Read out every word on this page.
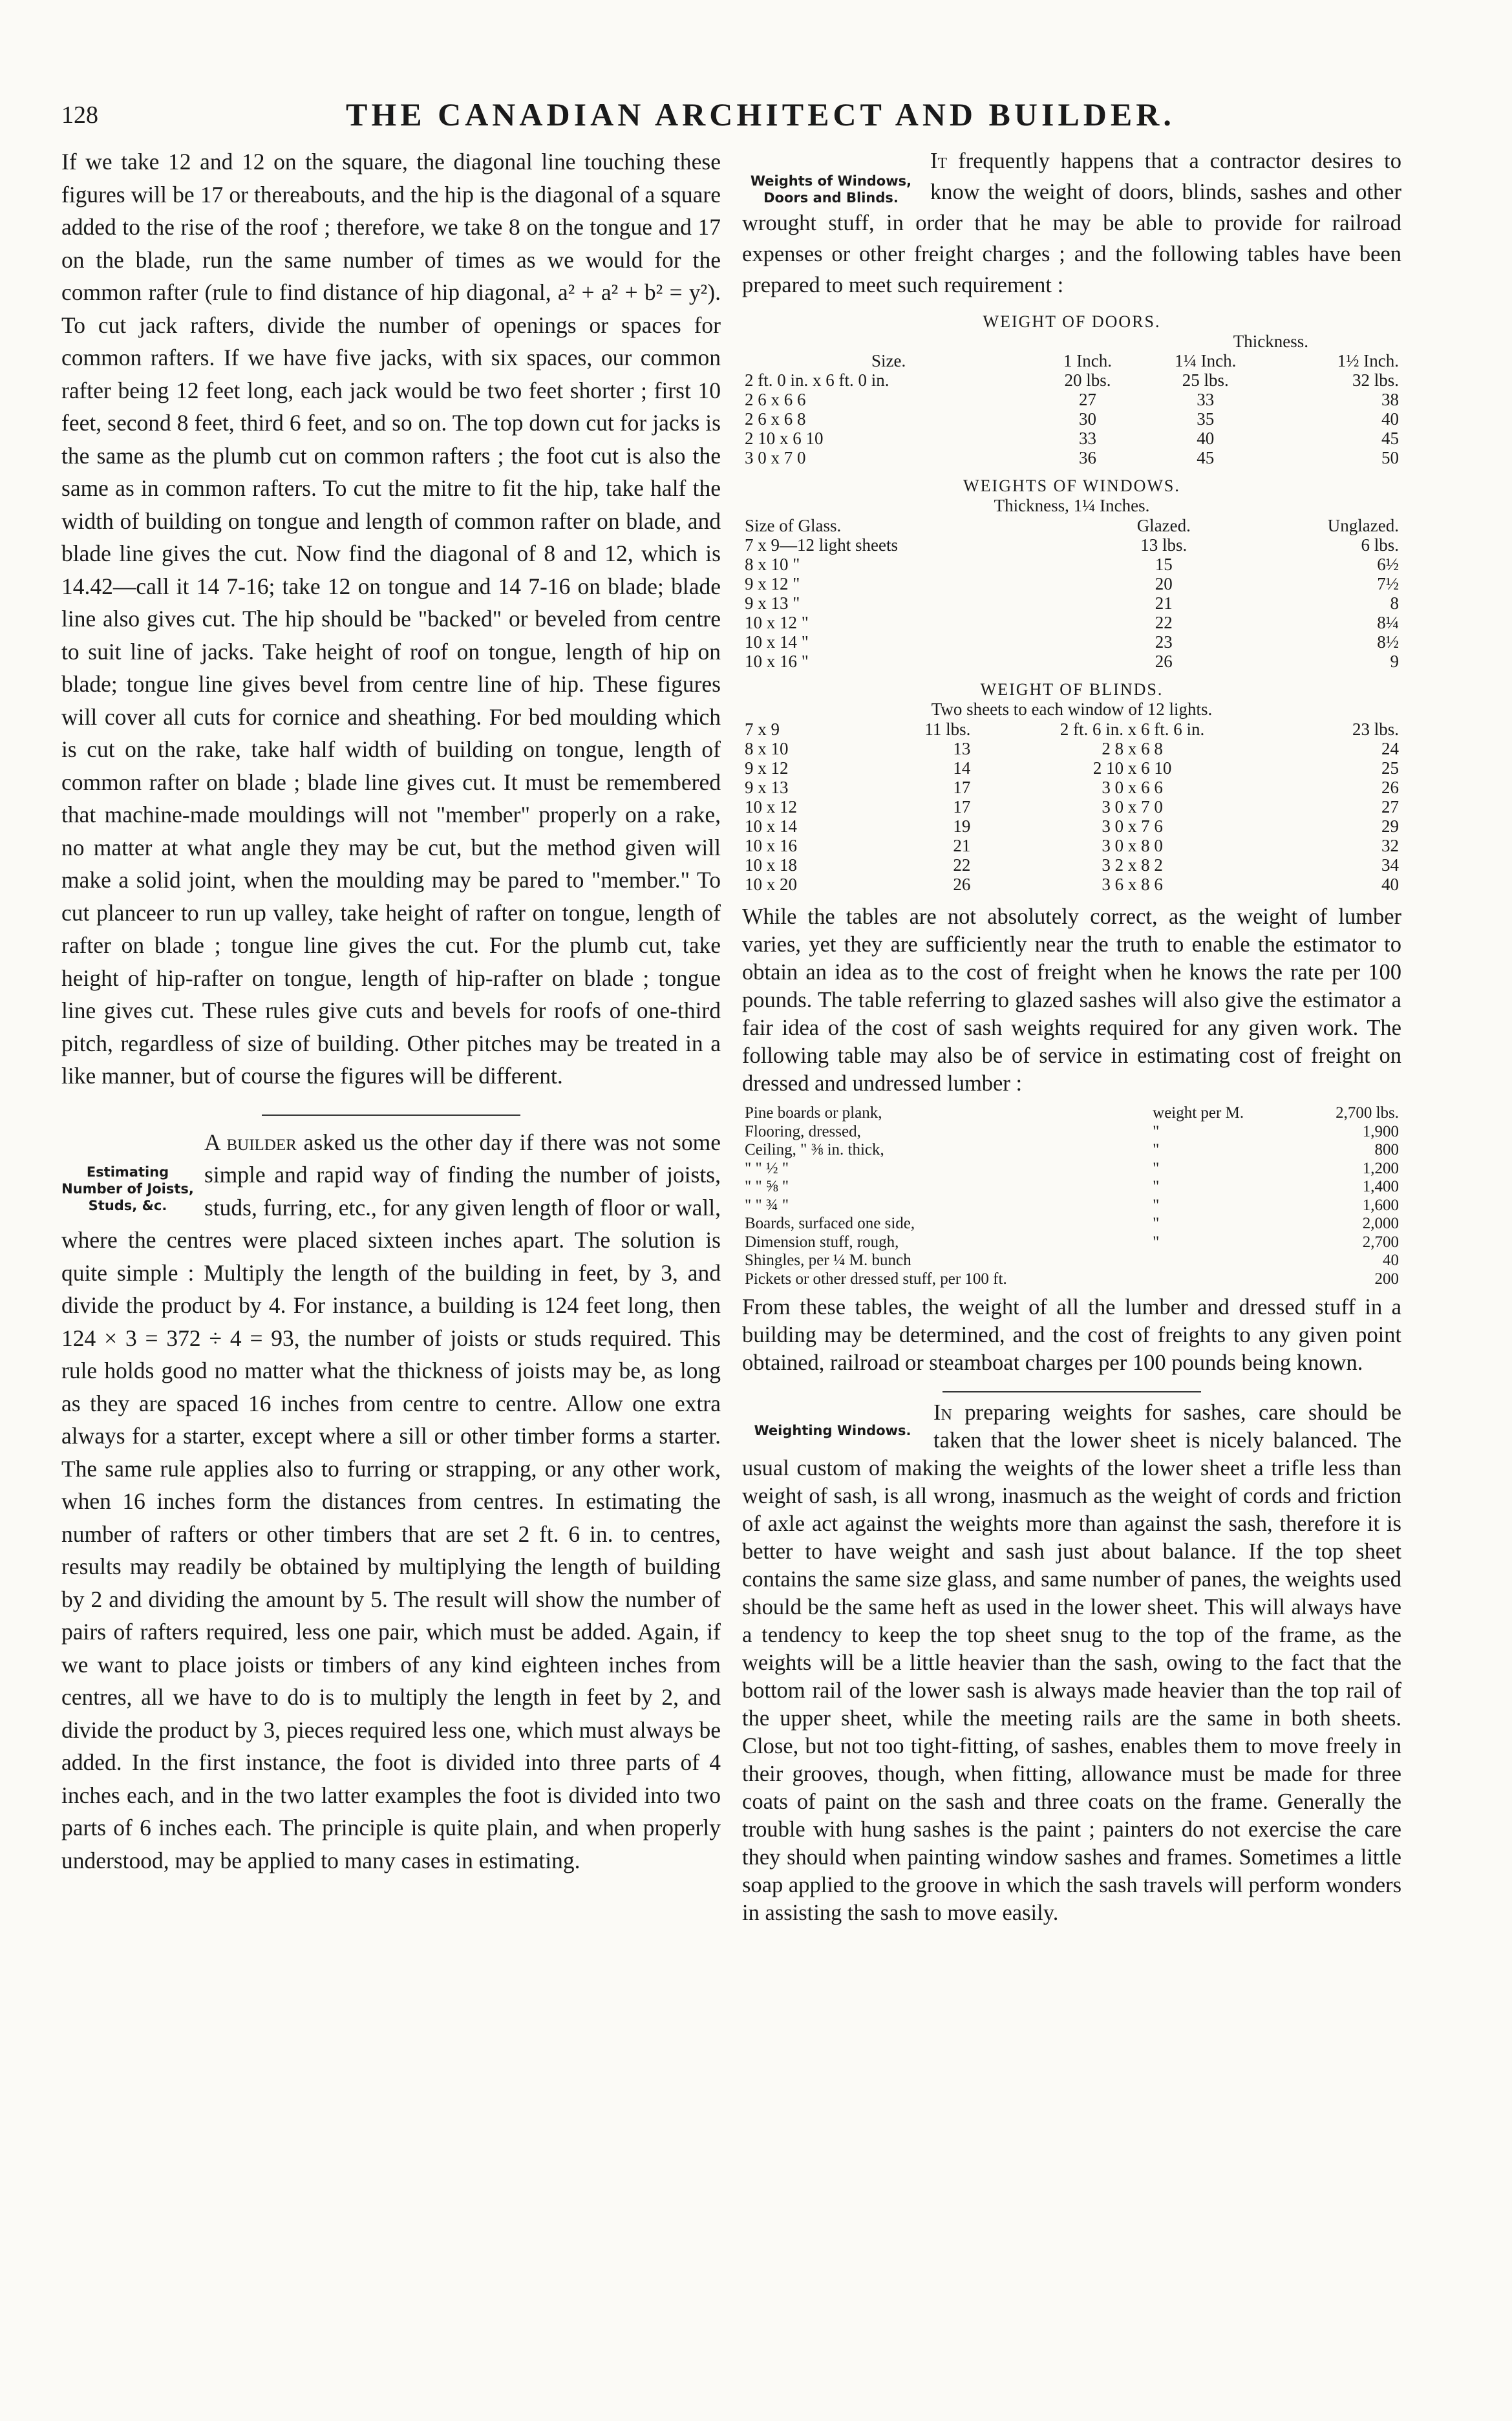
128	THE CANADIAN ARCHITECT AND BUILDER.

If we take 12 and 12 on the square, the diagonal line touching these figures will be 17 or thereabouts, and the hip is the diagonal of a square added to the rise of the roof ; therefore, we take 8 on the tongue and 17 on the blade, run the same number of times as we would for the common rafter (rule to find distance of hip diagonal, a² + a² + b² = y²). To cut jack rafters, divide the number of openings or spaces for common rafters. If we have five jacks, with six spaces, our common rafter being 12 feet long, each jack would be two feet shorter ; first 10 feet, second 8 feet, third 6 feet, and so on. The top down cut for jacks is the same as the plumb cut on common rafters ; the foot cut is also the same as in common rafters. To cut the mitre to fit the hip, take half the width of building on tongue and length of common rafter on blade, and blade line gives the cut. Now find the diagonal of 8 and 12, which is 14.42—call it 14 7-16; take 12 on tongue and 14 7-16 on blade; blade line also gives cut. The hip should be "backed" or beveled from centre to suit line of jacks. Take height of roof on tongue, length of hip on blade; tongue line gives bevel from centre line of hip. These figures will cover all cuts for cornice and sheathing. For bed moulding which is cut on the rake, take half width of building on tongue, length of common rafter on blade ; blade line gives cut. It must be remembered that machine-made mouldings will not "member" properly on a rake, no matter at what angle they may be cut, but the method given will make a solid joint, when the moulding may be pared to "member." To cut planceer to run up valley, take height of rafter on tongue, length of rafter on blade ; tongue line gives the cut. For the plumb cut, take height of hip-rafter on tongue, length of hip-rafter on blade ; tongue line gives cut. These rules give cuts and bevels for roofs of one-third pitch, regardless of size of building. Other pitches may be treated in a like manner, but of course the figures will be different.

Estimating Number of Joists, Studs, &c.

A builder asked us the other day if there was not some simple and rapid way of finding the number of joists, studs, furring, etc., for any given length of floor or wall, where the centres were placed sixteen inches apart. The solution is quite simple : Multiply the length of the building in feet, by 3, and divide the product by 4. For instance, a building is 124 feet long, then 124 × 3 = 372 ÷ 4 = 93, the number of joists or studs required. This rule holds good no matter what the thickness of joists may be, as long as they are spaced 16 inches from centre to centre. Allow one extra always for a starter, except where a sill or other timber forms a starter. The same rule applies also to furring or strapping, or any other work, when 16 inches form the distances from centres. In estimating the number of rafters or other timbers that are set 2 ft. 6 in. to centres, results may readily be obtained by multiplying the length of building by 2 and dividing the amount by 5. The result will show the number of pairs of rafters required, less one pair, which must be added. Again, if we want to place joists or timbers of any kind eighteen inches from centres, all we have to do is to multiply the length in feet by 2, and divide the product by 3, pieces required less one, which must always be added. In the first instance, the foot is divided into three parts of 4 inches each, and in the two latter examples the foot is divided into two parts of 6 inches each. The principle is quite plain, and when properly understood, may be applied to many cases in estimating.

Weights of Windows, Doors and Blinds.

It frequently happens that a contractor desires to know the weight of doors, blinds, sashes and other wrought stuff, in order that he may be able to provide for railroad expenses or other freight charges ; and the following tables have been prepared to meet such requirement :

WEIGHT OF DOORS.

		Thickness.	
Size.	1 Inch.	1¼ Inch.	1½ Inch.
2 ft. 0 in. x 6 ft. 0 in.	20 lbs.	25 lbs.	32 lbs.
2 6 x 6 6	27	33	38
2 6 x 6 8	30	35	40
2 10 x 6 10	33	40	45
3 0 x 7 0	36	45	50

WEIGHTS OF WINDOWS.

Thickness, 1¼ Inches.

Size of Glass.	Glazed.	Unglazed.
7 x 9—12 light sheets	13 lbs.	6 lbs.
8 x 10 "	15	6½
9 x 12 "	20	7½
9 x 13 "	21	8
10 x 12 "	22	8¼
10 x 14 "	23	8½
10 x 16 "	26	9

WEIGHT OF BLINDS.

Two sheets to each window of 12 lights.

7 x 9	11 lbs.	2 ft. 6 in. x 6 ft. 6 in.	23 lbs.
8 x 10	13	2 8 x 6 8	24
9 x 12	14	2 10 x 6 10	25
9 x 13	17	3 0 x 6 6	26
10 x 12	17	3 0 x 7 0	27
10 x 14	19	3 0 x 7 6	29
10 x 16	21	3 0 x 8 0	32
10 x 18	22	3 2 x 8 2	34
10 x 20	26	3 6 x 8 6	40

While the tables are not absolutely correct, as the weight of lumber varies, yet they are sufficiently near the truth to enable the estimator to obtain an idea as to the cost of freight when he knows the rate per 100 pounds. The table referring to glazed sashes will also give the estimator a fair idea of the cost of sash weights required for any given work. The following table may also be of service in estimating cost of freight on dressed and undressed lumber :

Pine boards or plank,	weight per M.	2,700 lbs.
Flooring, dressed,	"	1,900
Ceiling, " ⅜ in. thick,	"	800
" " ½ "	"	1,200
" " ⅝ "	"	1,400
" " ¾ "	"	1,600
Boards, surfaced one side,	"	2,000
Dimension stuff, rough,	"	2,700
Shingles, per ¼ M. bunch		40
Pickets or other dressed stuff, per 100 ft.		200

From these tables, the weight of all the lumber and dressed stuff in a building may be determined, and the cost of freights to any given point obtained, railroad or steamboat charges per 100 pounds being known.

Weighting Windows.

In preparing weights for sashes, care should be taken that the lower sheet is nicely balanced. The usual custom of making the weights of the lower sheet a trifle less than weight of sash, is all wrong, inasmuch as the weight of cords and friction of axle act against the weights more than against the sash, therefore it is better to have weight and sash just about balance. If the top sheet contains the same size glass, and same number of panes, the weights used should be the same heft as used in the lower sheet. This will always have a tendency to keep the top sheet snug to the top of the frame, as the weights will be a little heavier than the sash, owing to the fact that the bottom rail of the lower sash is always made heavier than the top rail of the upper sheet, while the meeting rails are the same in both sheets. Close, but not too tight-fitting, of sashes, enables them to move freely in their grooves, though, when fitting, allowance must be made for three coats of paint on the sash and three coats on the frame. Generally the trouble with hung sashes is the paint ; painters do not exercise the care they should when painting window sashes and frames. Sometimes a little soap applied to the groove in which the sash travels will perform wonders in assisting the sash to move easily.
